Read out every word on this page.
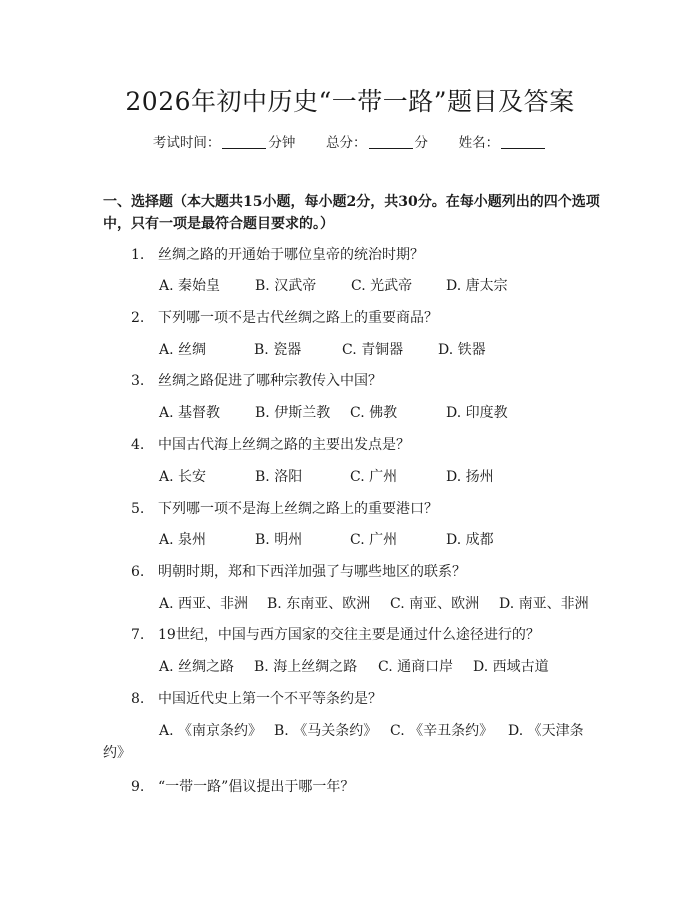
2026年初中历史“一带一路”题目及答案
考试时间：	分钟 总分：	分 姓名：

一、选择题（本大题共15小题，每小题2分，共30分。在每小题列出的四个选项中，只有一项是最符合题目要求的。）

1. 丝绸之路的开通始于哪位皇帝的统治时期？
A. 秦始皇 B. 汉武帝 C. 光武帝 D. 唐太宗
2. 下列哪一项不是古代丝绸之路上的重要商品？
A. 丝绸	B. 瓷器	C. 青铜器 D. 铁器
3. 丝绸之路促进了哪种宗教传入中国？
A. 基督教 B. 伊斯兰教 C. 佛教	D. 印度教
4. 中国古代海上丝绸之路的主要出发点是？
A. 长安	B. 洛阳	C. 广州	D. 扬州
5. 下列哪一项不是海上丝绸之路上的重要港口？
A. 泉州	B. 明州	C. 广州	D. 成都
6. 明朝时期，郑和下西洋加强了与哪些地区的联系？
A. 西亚、非洲 B. 东南亚、欧洲 C. 南亚、欧洲 D. 南亚、非洲
7. 19世纪，中国与西方国家的交往主要是通过什么途径进行的？
A. 丝绸之路 B. 海上丝绸之路 C. 通商口岸 D. 西域古道
8. 中国近代史上第一个不平等条约是？
A. 《南京条约》 B. 《马关条约》 C. 《辛丑条约》 D. 《天津条
约》
9. “一带一路”倡议提出于哪一年？
